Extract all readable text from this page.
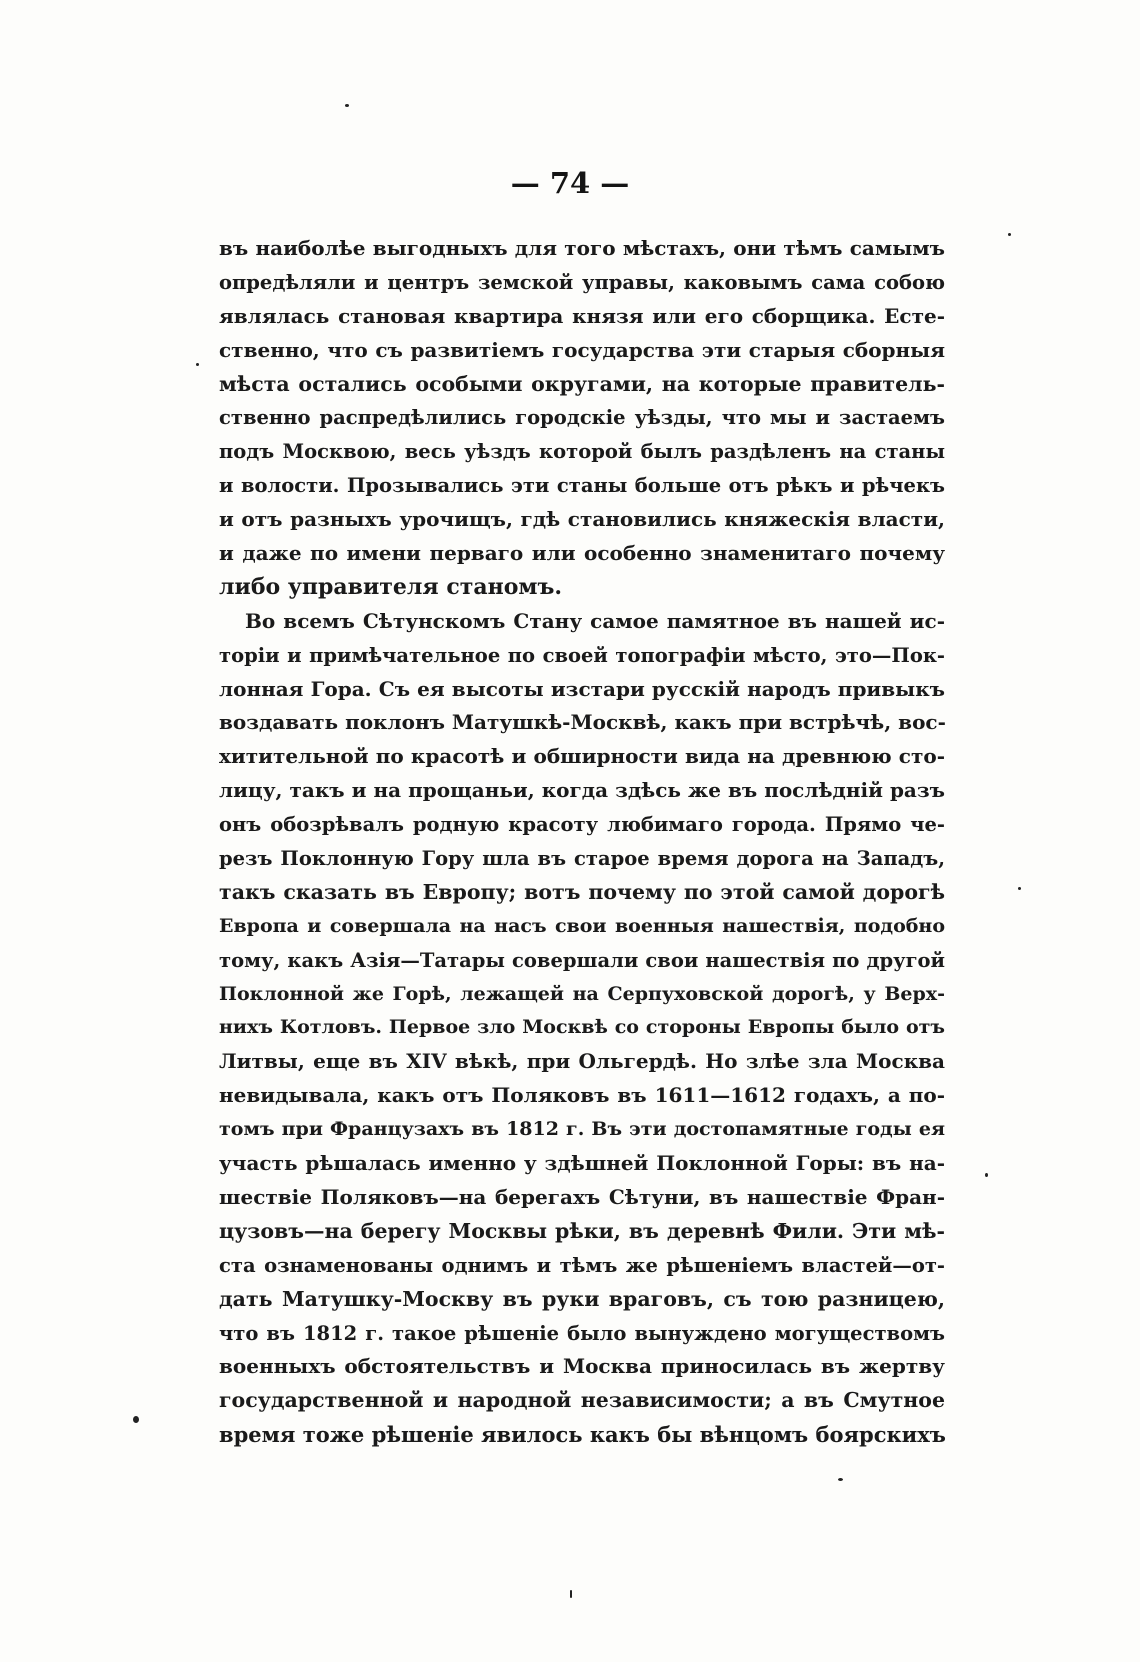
— 74 —
въ наиболѣе выгодныхъ для того мѣстахъ, они тѣмъ самымъ
опредѣляли и центръ земской управы, каковымъ сама собою
являлась становая квартира князя или его сборщика. Есте-
ственно, что съ развитіемъ государства эти старыя сборныя
мѣста остались особыми округами, на которые правитель-
ственно распредѣлились городскіе уѣзды, что мы и застаемъ
подъ Москвою, весь уѣздъ которой былъ раздѣленъ на станы
и волости. Прозывались эти станы больше отъ рѣкъ и рѣчекъ
и отъ разныхъ урочищъ, гдѣ становились княжескія власти,
и даже по имени перваго или особенно знаменитаго почему
либо управителя станомъ.
Во всемъ Сѣтунскомъ Стану самое памятное въ нашей ис-
торіи и примѣчательное по своей топографіи мѣсто, это—Пок-
лонная Гора. Съ ея высоты изстари русскій народъ привыкъ
воздавать поклонъ Матушкѣ-Москвѣ, какъ при встрѣчѣ, вос-
хитительной по красотѣ и обширности вида на древнюю сто-
лицу, такъ и на прощаньи, когда здѣсь же въ послѣдній разъ
онъ обозрѣвалъ родную красоту любимаго города. Прямо че-
резъ Поклонную Гору шла въ старое время дорога на Западъ,
такъ сказать въ Европу; вотъ почему по этой самой дорогѣ
Европа и совершала на насъ свои военныя нашествія, подобно
тому, какъ Азія—Татары совершали свои нашествія по другой
Поклонной же Горѣ, лежащей на Серпуховской дорогѣ, у Верх-
нихъ Котловъ. Первое зло Москвѣ со стороны Европы было отъ
Литвы, еще въ XIV вѣкѣ, при Ольгердѣ. Но злѣе зла Москва
невидывала, какъ отъ Поляковъ въ 1611—1612 годахъ, а по-
томъ при Французахъ въ 1812 г. Въ эти достопамятные годы ея
участь рѣшалась именно у здѣшней Поклонной Горы: въ на-
шествіе Поляковъ—на берегахъ Сѣтуни, въ нашествіе Фран-
цузовъ—на берегу Москвы рѣки, въ деревнѣ Фили. Эти мѣ-
ста ознаменованы однимъ и тѣмъ же рѣшеніемъ властей—от-
дать Матушку-Москву въ руки враговъ, съ тою разницею,
что въ 1812 г. такое рѣшеніе было вынуждено могуществомъ
военныхъ обстоятельствъ и Москва приносилась въ жертву
государственной и народной независимости; а въ Смутное
время тоже рѣшеніе явилось какъ бы вѣнцомъ боярскихъ
